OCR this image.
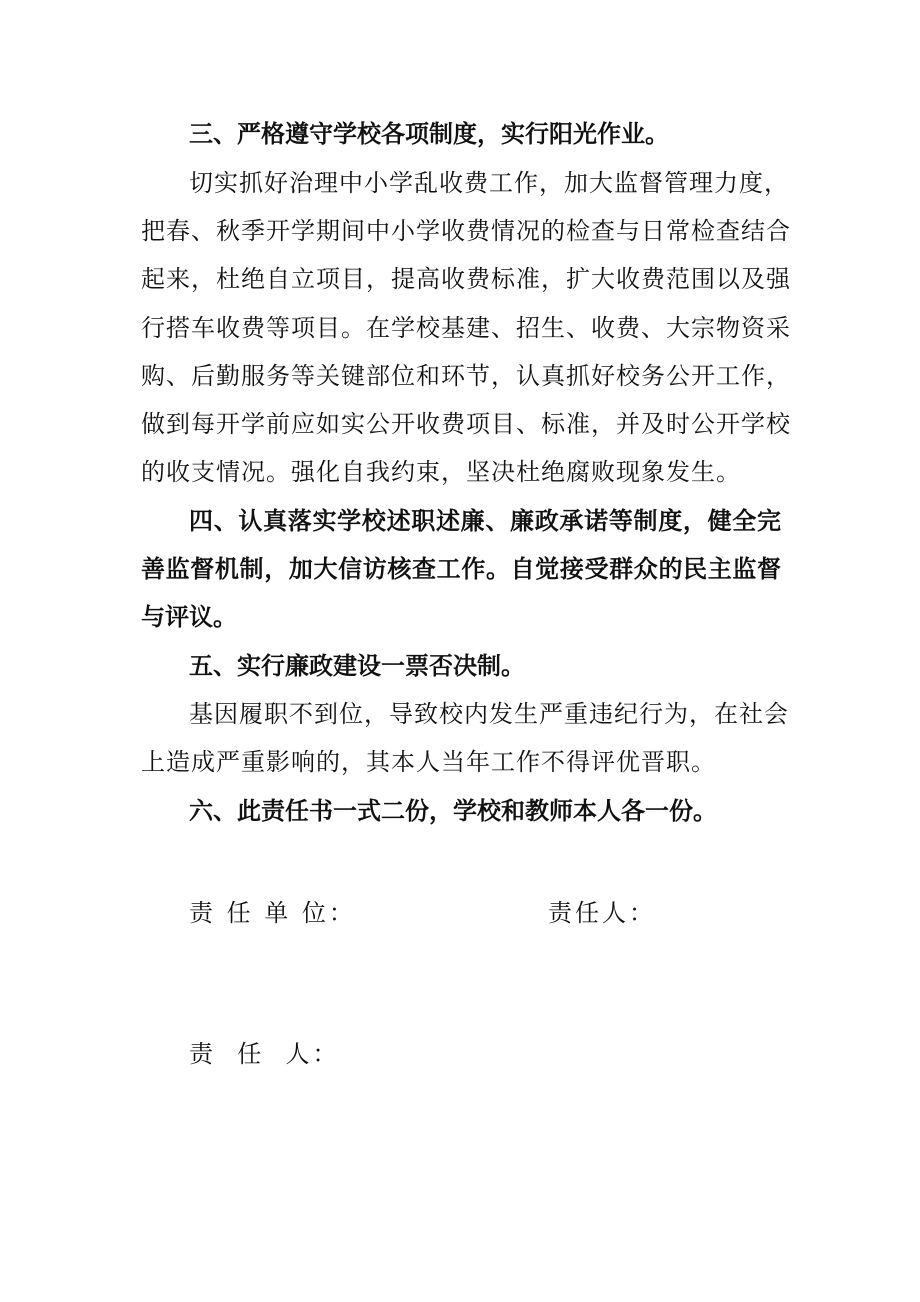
三、严格遵守学校各项制度，实行阳光作业。
切实抓好治理中小学乱收费工作，加大监督管理力度，
把春、秋季开学期间中小学收费情况的检查与日常检查结合
起来，杜绝自立项目，提高收费标准，扩大收费范围以及强
行搭车收费等项目。在学校基建、招生、收费、大宗物资采
购、后勤服务等关键部位和环节，认真抓好校务公开工作，
做到每开学前应如实公开收费项目、标准，并及时公开学校
的收支情况。强化自我约束，坚决杜绝腐败现象发生。
四、认真落实学校述职述廉、廉政承诺等制度，健全完
善监督机制，加大信访核查工作。自觉接受群众的民主监督
与评议。
五、实行廉政建设一票否决制。
基因履职不到位，导致校内发生严重违纪行为，在社会
上造成严重影响的，其本人当年工作不得评优晋职。
六、此责任书一式二份，学校和教师本人各一份。
责 任 单 位：	责任人：
责  任  人：
